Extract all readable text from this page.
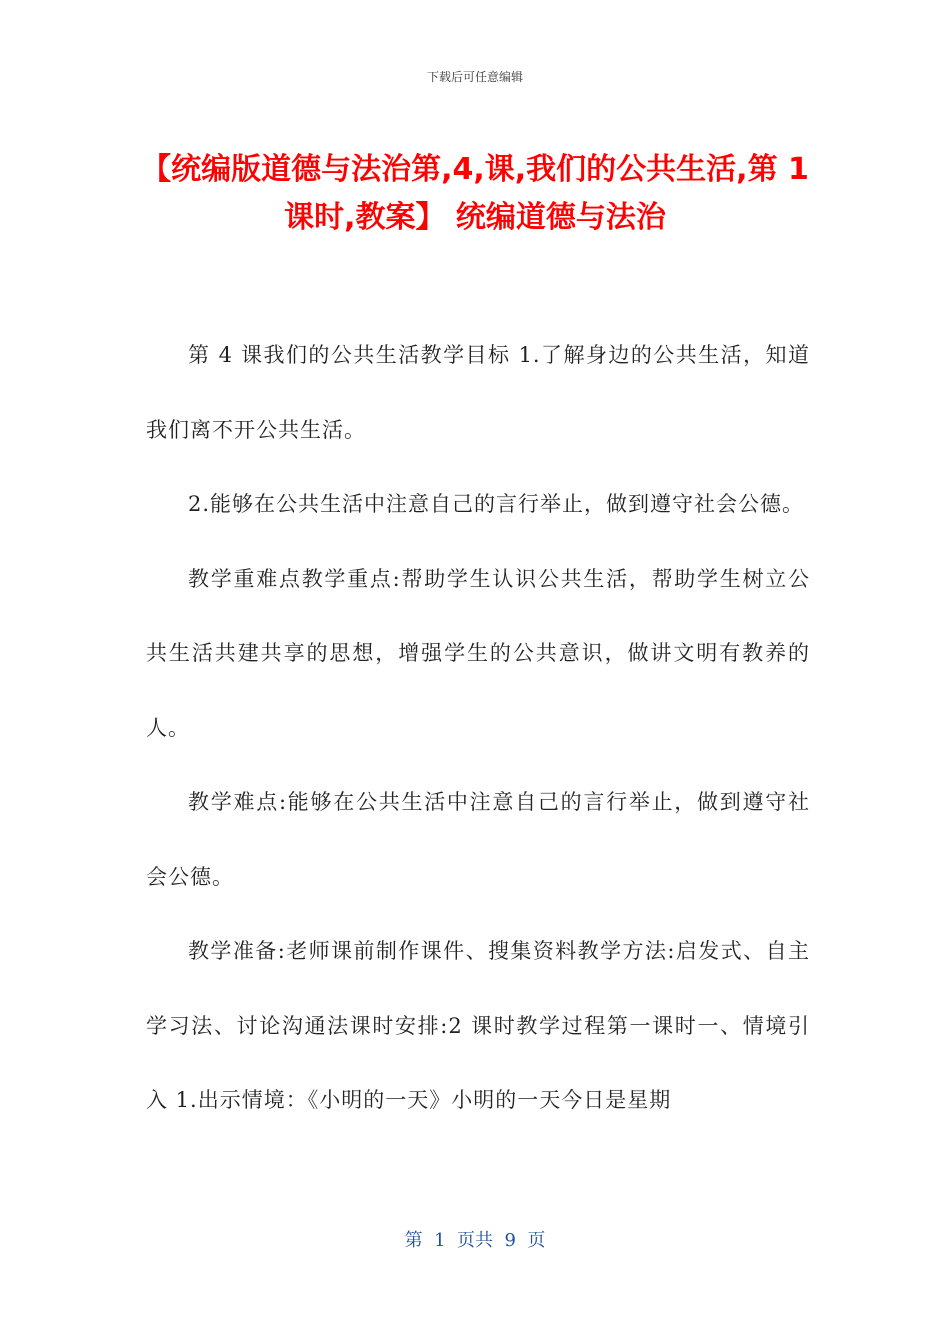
下载后可任意编辑
【统编版道德与法治第,4,课,我们的公共生活,第 1 课时,教案】 统编道德与法治

第 4 课我们的公共生活教学目标 1.了解身边的公共生活，知道我们离不开公共生活。

2.能够在公共生活中注意自己的言行举止，做到遵守社会公德。

教学重难点教学重点:帮助学生认识公共生活，帮助学生树立公共生活共建共享的思想，增强学生的公共意识，做讲文明有教养的人。

教学难点:能够在公共生活中注意自己的言行举止，做到遵守社会公德。

教学准备:老师课前制作课件、搜集资料教学方法:启发式、自主学习法、讨论沟通法课时安排:2 课时教学过程第一课时一、情境引入 1.出示情境：《小明的一天》小明的一天今日是星期

第  1  页共  9  页
